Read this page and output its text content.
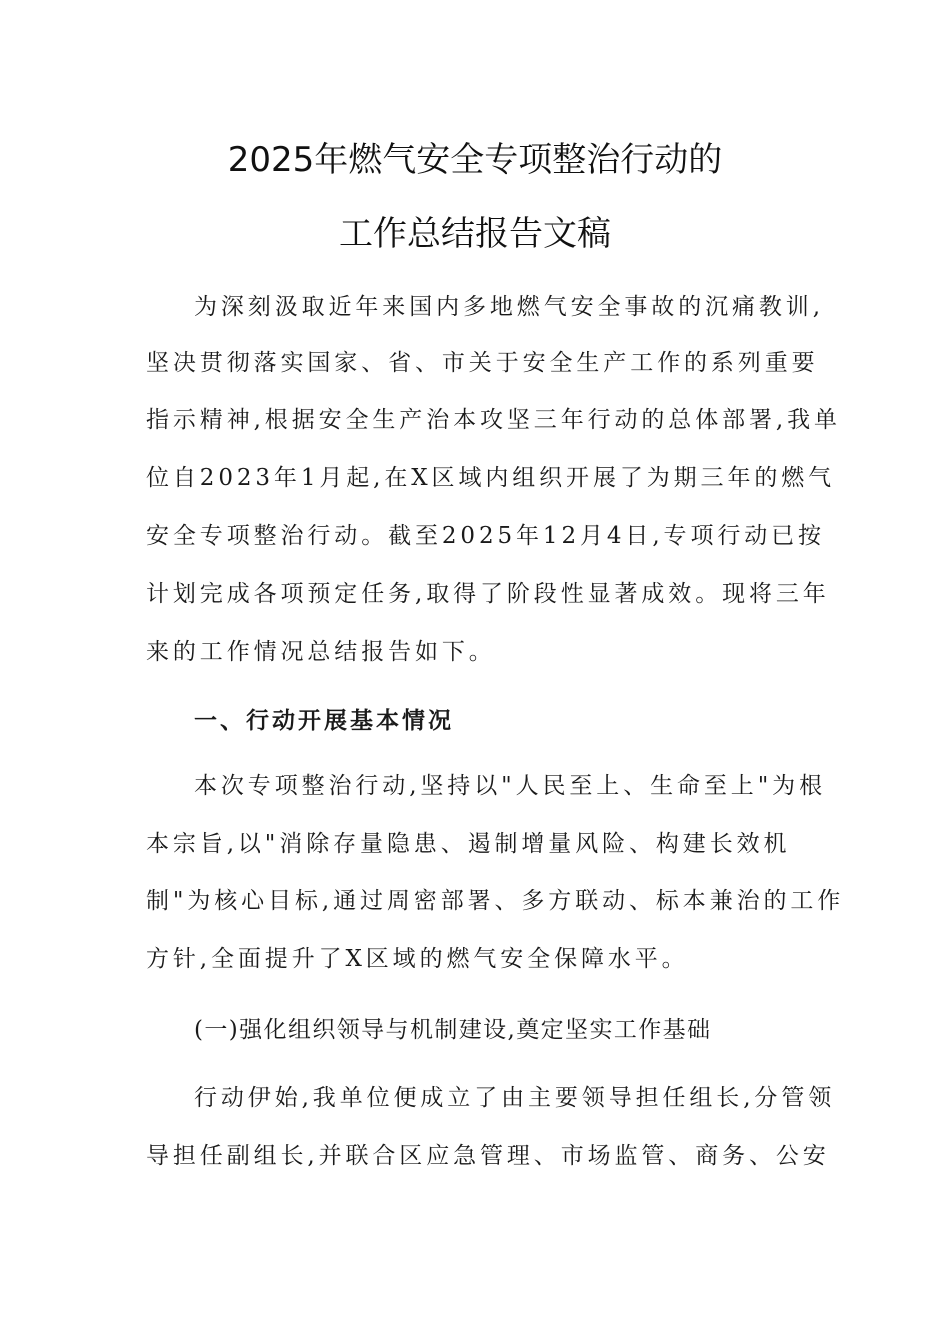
2025年燃气安全专项整治行动的
工作总结报告文稿
为深刻汲取近年来国内多地燃气安全事故的沉痛教训,
坚决贯彻落实国家、省、市关于安全生产工作的系列重要
指示精神,根据安全生产治本攻坚三年行动的总体部署,我单
位自2023年1月起,在X区域内组织开展了为期三年的燃气
安全专项整治行动。截至2025年12月4日,专项行动已按
计划完成各项预定任务,取得了阶段性显著成效。现将三年
来的工作情况总结报告如下。
一、行动开展基本情况
本次专项整治行动,坚持以"人民至上、生命至上"为根
本宗旨,以"消除存量隐患、遏制增量风险、构建长效机
制"为核心目标,通过周密部署、多方联动、标本兼治的工作
方针,全面提升了X区域的燃气安全保障水平。
(一)强化组织领导与机制建设,奠定坚实工作基础
行动伊始,我单位便成立了由主要领导担任组长,分管领
导担任副组长,并联合区应急管理、市场监管、商务、公安
